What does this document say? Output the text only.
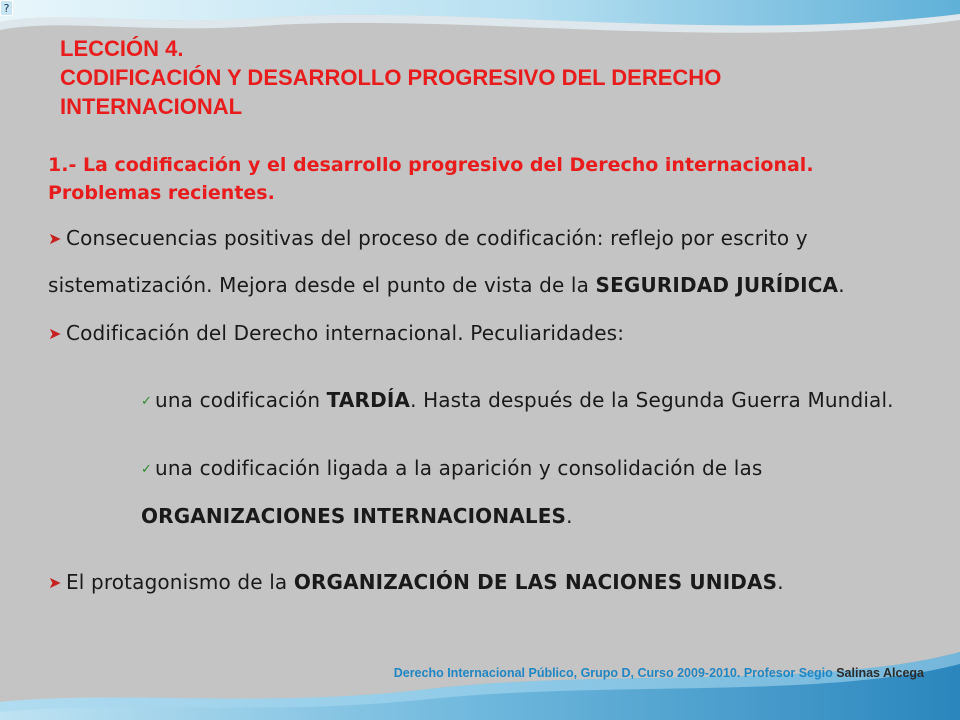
?
LECCIÓN 4.
CODIFICACIÓN Y DESARROLLO PROGRESIVO DEL DERECHO
INTERNACIONAL

1.- La codificación y el desarrollo progresivo del Derecho internacional.
Problemas recientes.

➤ Consecuencias positivas del proceso de codificación: reflejo por escrito y sistematización. Mejora desde el punto de vista de la SEGURIDAD JURÍDICA.

➤ Codificación del Derecho internacional. Peculiaridades:

✓ una codificación TARDÍA. Hasta después de la Segunda Guerra Mundial.

✓ una codificación ligada a la aparición y consolidación de las ORGANIZACIONES INTERNACIONALES.

➤ El protagonismo de la ORGANIZACIÓN DE LAS NACIONES UNIDAS.

Derecho Internacional Público, Grupo D, Curso 2009-2010. Profesor Segio Salinas Alcega
